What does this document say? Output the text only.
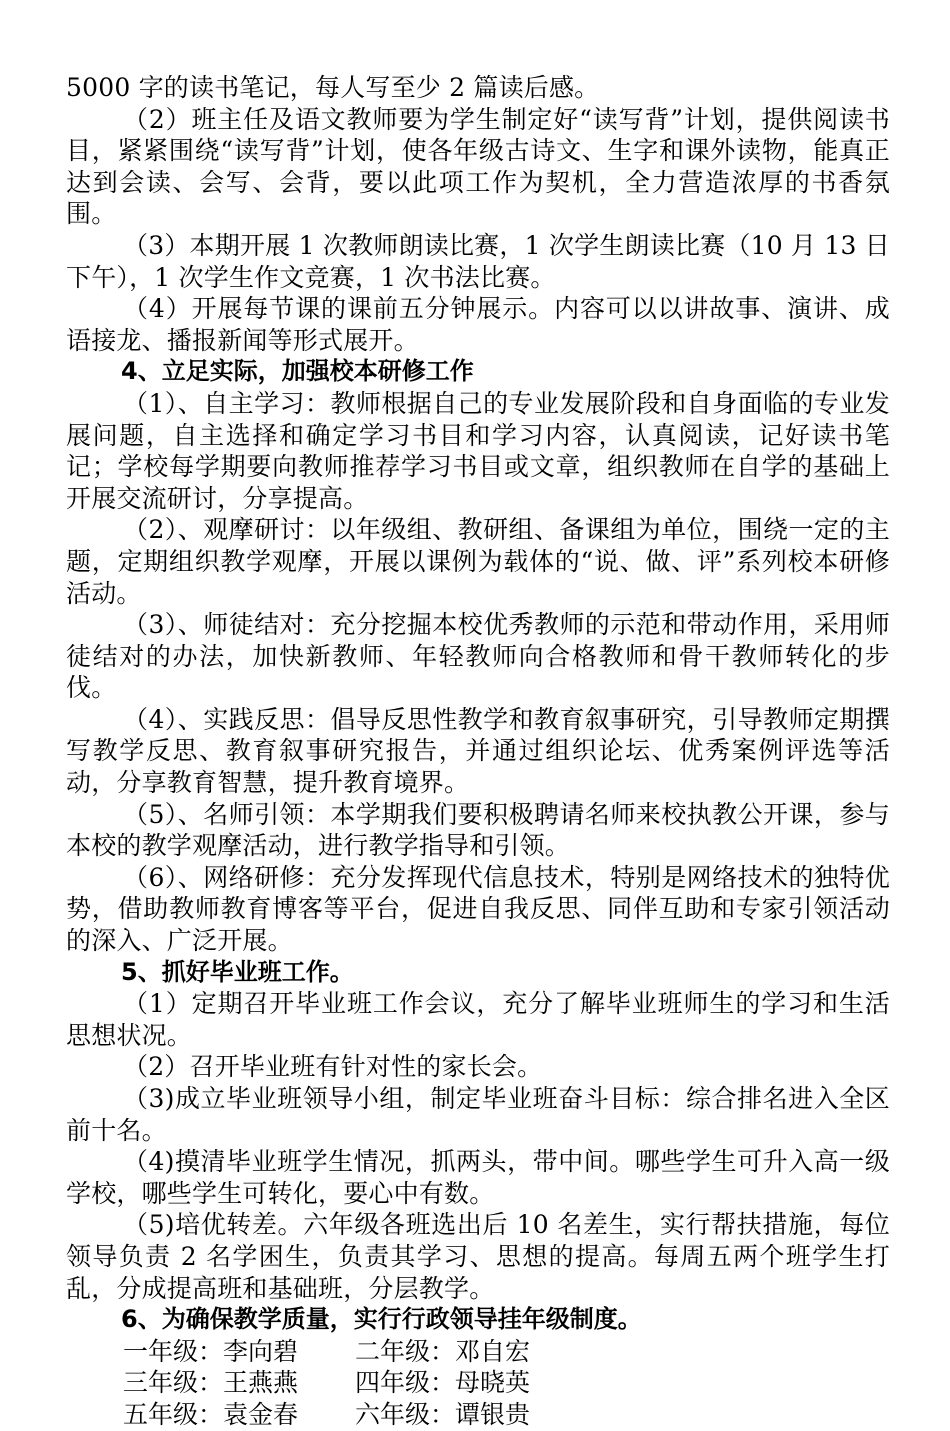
5000 字的读书笔记，每人写至少 2 篇读后感。

（2）班主任及语文教师要为学生制定好“读写背”计划，提供阅读书目，紧紧围绕“读写背”计划，使各年级古诗文、生字和课外读物，能真正达到会读、会写、会背，要以此项工作为契机，全力营造浓厚的书香氛围。

（3）本期开展 1 次教师朗读比赛，1 次学生朗读比赛（10 月 13 日下午），1 次学生作文竞赛，1 次书法比赛。

（4）开展每节课的课前五分钟展示。内容可以以讲故事、演讲、成语接龙、播报新闻等形式展开。

4、立足实际，加强校本研修工作

（1）、自主学习：教师根据自己的专业发展阶段和自身面临的专业发展问题，自主选择和确定学习书目和学习内容，认真阅读，记好读书笔记；学校每学期要向教师推荐学习书目或文章，组织教师在自学的基础上开展交流研讨，分享提高。

（2）、观摩研讨：以年级组、教研组、备课组为单位，围绕一定的主题，定期组织教学观摩，开展以课例为载体的“说、做、评”系列校本研修活动。

（3）、师徒结对：充分挖掘本校优秀教师的示范和带动作用，采用师徒结对的办法，加快新教师、年轻教师向合格教师和骨干教师转化的步伐。

（4）、实践反思：倡导反思性教学和教育叙事研究，引导教师定期撰写教学反思、教育叙事研究报告，并通过组织论坛、优秀案例评选等活动，分享教育智慧，提升教育境界。

（5）、名师引领：本学期我们要积极聘请名师来校执教公开课，参与本校的教学观摩活动，进行教学指导和引领。

（6）、网络研修：充分发挥现代信息技术，特别是网络技术的独特优势，借助教师教育博客等平台，促进自我反思、同伴互助和专家引领活动的深入、广泛开展。

5、抓好毕业班工作。

（1）定期召开毕业班工作会议，充分了解毕业班师生的学习和生活思想状况。

（2）召开毕业班有针对性的家长会。

（3)成立毕业班领导小组，制定毕业班奋斗目标：综合排名进入全区前十名。

（4)摸清毕业班学生情况，抓两头，带中间。哪些学生可升入高一级学校，哪些学生可转化，要心中有数。

（5)培优转差。六年级各班选出后 10 名差生，实行帮扶措施，每位领导负责 2 名学困生，负责其学习、思想的提高。每周五两个班学生打乱，分成提高班和基础班，分层教学。

6、为确保教学质量，实行行政领导挂年级制度。

一年级：李向碧	二年级：邓自宏
三年级：王燕燕	四年级：母晓英
五年级：袁金春	六年级：谭银贵
